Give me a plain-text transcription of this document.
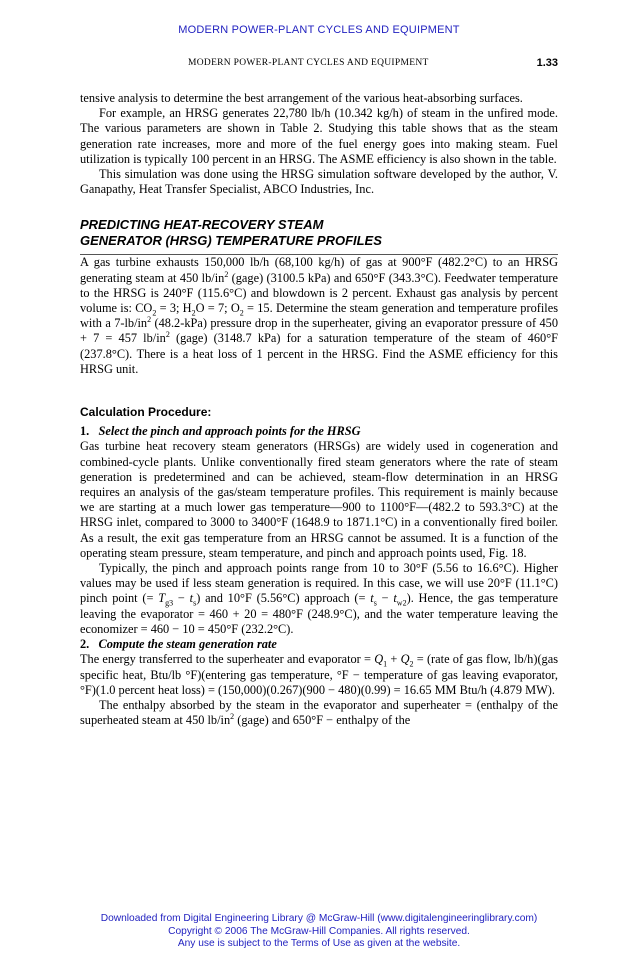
MODERN POWER-PLANT CYCLES AND EQUIPMENT
MODERN POWER-PLANT CYCLES AND EQUIPMENT	1.33

tensive analysis to determine the best arrangement of the various heat-absorbing surfaces.

For example, an HRSG generates 22,780 lb/h (10.342 kg/h) of steam in the unfired mode. The various parameters are shown in Table 2. Studying this table shows that as the steam generation rate increases, more and more of the fuel energy goes into making steam. Fuel utilization is typically 100 percent in an HRSG. The ASME efficiency is also shown in the table.

This simulation was done using the HRSG simulation software developed by the author, V. Ganapathy, Heat Transfer Specialist, ABCO Industries, Inc.

PREDICTING HEAT-RECOVERY STEAM
GENERATOR (HRSG) TEMPERATURE PROFILES

A gas turbine exhausts 150,000 lb/h (68,100 kg/h) of gas at 900°F (482.2°C) to an HRSG generating steam at 450 $lb/in^2$ (gage) (3100.5 kPa) and 650°F (343.3°C). Feedwater temperature to the HRSG is 240°F (115.6°C) and blowdown is 2 percent. Exhaust gas analysis by percent volume is: $CO_2 = 3$; $H_2O = 7$; $O_2 = 15$. Determine the steam generation and temperature profiles with a $7-lb/in^2$ (48.2-kPa) pressure drop in the superheater, giving an evaporator pressure of 450 + 7 = 457 $lb/in^2$ (gage) (3148.7 kPa) for a saturation temperature of the steam of 460°F (237.8°C). There is a heat loss of 1 percent in the HRSG. Find the ASME efficiency for this HRSG unit.

Calculation Procedure:

1. Select the pinch and approach points for the HRSG

Gas turbine heat recovery steam generators (HRSGs) are widely used in cogeneration and combined-cycle plants. Unlike conventionally fired steam generators where the rate of steam generation is predetermined and can be achieved, steam-flow determination in an HRSG requires an analysis of the gas/steam temperature profiles. This requirement is mainly because we are starting at a much lower gas temperature—900 to 1100°F—(482.2 to 593.3°C) at the HRSG inlet, compared to 3000 to 3400°F (1648.9 to 1871.1°C) in a conventionally fired boiler. As a result, the exit gas temperature from an HRSG cannot be assumed. It is a function of the operating steam pressure, steam temperature, and pinch and approach points used, Fig. 18.

Typically, the pinch and approach points range from 10 to 30°F (5.56 to 16.6°C). Higher values may be used if less steam generation is required. In this case, we will use 20°F (11.1°C) pinch point (= $T_{g3} - t_s$) and 10°F (5.56°C) approach (= $t_s - t_{w2}$). Hence, the gas temperature leaving the evaporator = 460 + 20 = 480°F (248.9°C), and the water temperature leaving the economizer = 460 − 10 = 450°F (232.2°C).

2. Compute the steam generation rate

The energy transferred to the superheater and evaporator = $Q_1 + Q_2$ = (rate of gas flow, lb/h)(gas specific heat, Btu/lb °F)(entering gas temperature, °F − temperature of gas leaving evaporator, °F)(1.0 percent heat loss) = (150,000)(0.267)(900 − 480)(0.99) = 16.65 MM Btu/h (4.879 MW).

The enthalpy absorbed by the steam in the evaporator and superheater = (enthalpy of the superheated steam at 450 $lb/in^2$ (gage) and 650°F − enthalpy of the

Downloaded from Digital Engineering Library @ McGraw-Hill (www.digitalengineeringlibrary.com)
Copyright © 2006 The McGraw-Hill Companies. All rights reserved.
Any use is subject to the Terms of Use as given at the website.
